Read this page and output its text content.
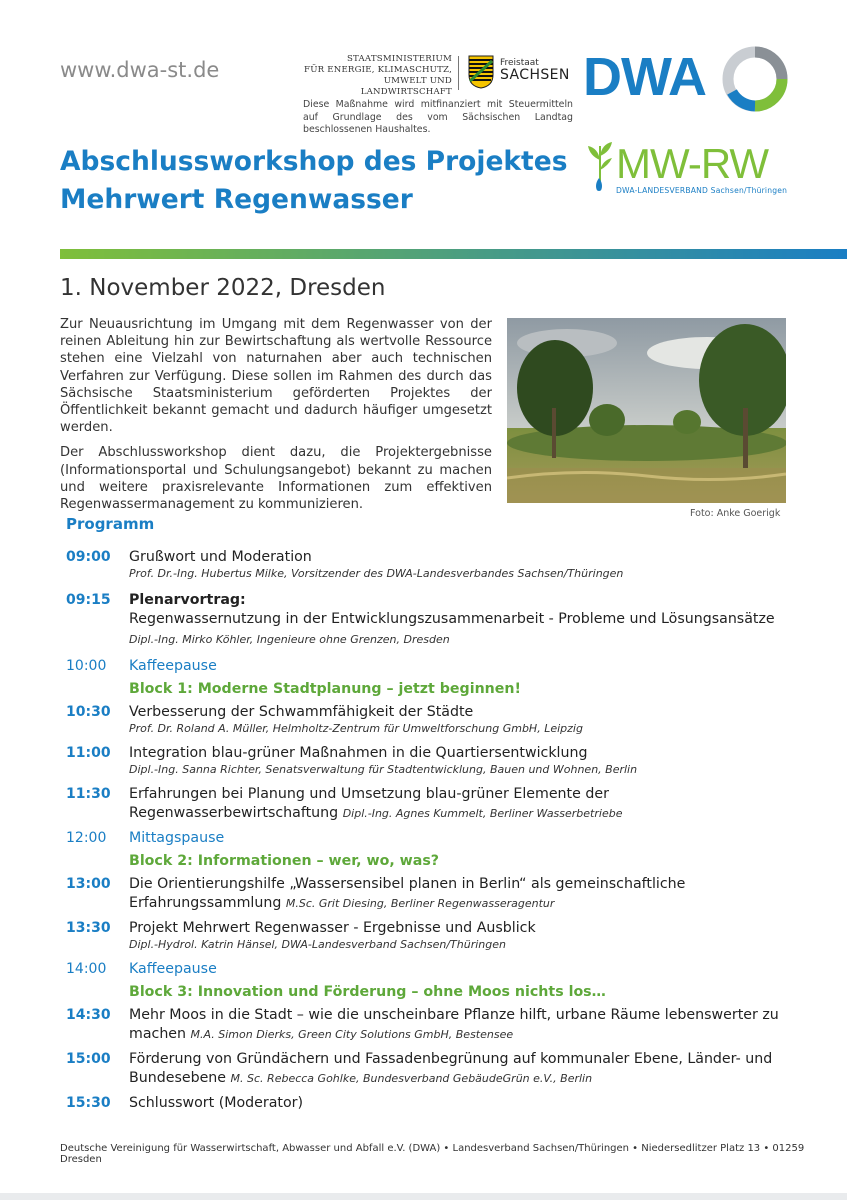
www.dwa-st.de	STAATSMINISTERIUM
FÜR ENERGIE, KLIMASCHUTZ,
UMWELT UND LANDWIRTSCHAFT
Freistaat
SACHSEN
Diese Maßnahme wird mitfinanziert mit Steuermitteln auf Grundlage des vom Sächsischen Landtag beschlossenen Haushaltes.
DWA
Abschlussworkshop des Projektes
Mehrwert Regenwasser
MW-RW
DWA-LANDESVERBAND Sachsen/Thüringen
1. November 2022, Dresden

Zur Neuausrichtung im Umgang mit dem Regenwasser von der reinen Ableitung hin zur Bewirtschaftung als wertvolle Ressource stehen eine Vielzahl von naturnahen aber auch technischen Verfahren zur Verfügung. Diese sollen im Rahmen des durch das Sächsische Staatsministerium geförderten Projektes der Öffentlichkeit bekannt gemacht und dadurch häufiger umgesetzt werden.

Der Abschlussworkshop dient dazu, die Projektergebnisse (Informationsportal und Schulungsangebot) bekannt zu machen und weitere praxisrelevante Informationen zum effektiven Regenwassermanagement zu kommunizieren.

Foto: Anke Goerigk
Programm
09:00	Grußwort und Moderation
Prof. Dr.-Ing. Hubertus Milke, Vorsitzender des DWA-Landesverbandes Sachsen/Thüringen
09:15	Plenarvortrag:
Regenwassernutzung in der Entwicklungszusammenarbeit - Probleme und Lösungsansätze
Dipl.-Ing. Mirko Köhler, Ingenieure ohne Grenzen, Dresden
10:00	Kaffeepause
Block 1: Moderne Stadtplanung – jetzt beginnen!
10:30	Verbesserung der Schwammfähigkeit der Städte
Prof. Dr. Roland A. Müller, Helmholtz-Zentrum für Umweltforschung GmbH, Leipzig
11:00	Integration blau-grüner Maßnahmen in die Quartiersentwicklung
Dipl.-Ing. Sanna Richter, Senatsverwaltung für Stadtentwicklung, Bauen und Wohnen, Berlin
11:30	Erfahrungen bei Planung und Umsetzung blau-grüner Elemente der Regenwasserbewirtschaftung Dipl.-Ing. Agnes Kummelt, Berliner Wasserbetriebe
12:00	Mittagspause
Block 2: Informationen – wer, wo, was?
13:00	Die Orientierungshilfe „Wassersensibel planen in Berlin“ als gemeinschaftliche Erfahrungssammlung M.Sc. Grit Diesing, Berliner Regenwasseragentur
13:30	Projekt Mehrwert Regenwasser - Ergebnisse und Ausblick
Dipl.-Hydrol. Katrin Hänsel, DWA-Landesverband Sachsen/Thüringen
14:00	Kaffeepause
Block 3: Innovation und Förderung – ohne Moos nichts los…
14:30	Mehr Moos in die Stadt – wie die unscheinbare Pflanze hilft, urbane Räume lebenswerter zu machen M.A. Simon Dierks, Green City Solutions GmbH, Bestensee
15:00	Förderung von Gründächern und Fassadenbegrünung auf kommunaler Ebene, Länder- und Bundesebene M. Sc. Rebecca Gohlke, Bundesverband GebäudeGrün e.V., Berlin
15:30	Schlusswort (Moderator)
Deutsche Vereinigung für Wasserwirtschaft, Abwasser und Abfall e.V. (DWA) • Landesverband Sachsen/Thüringen • Niedersedlitzer Platz 13 • 01259 Dresden
